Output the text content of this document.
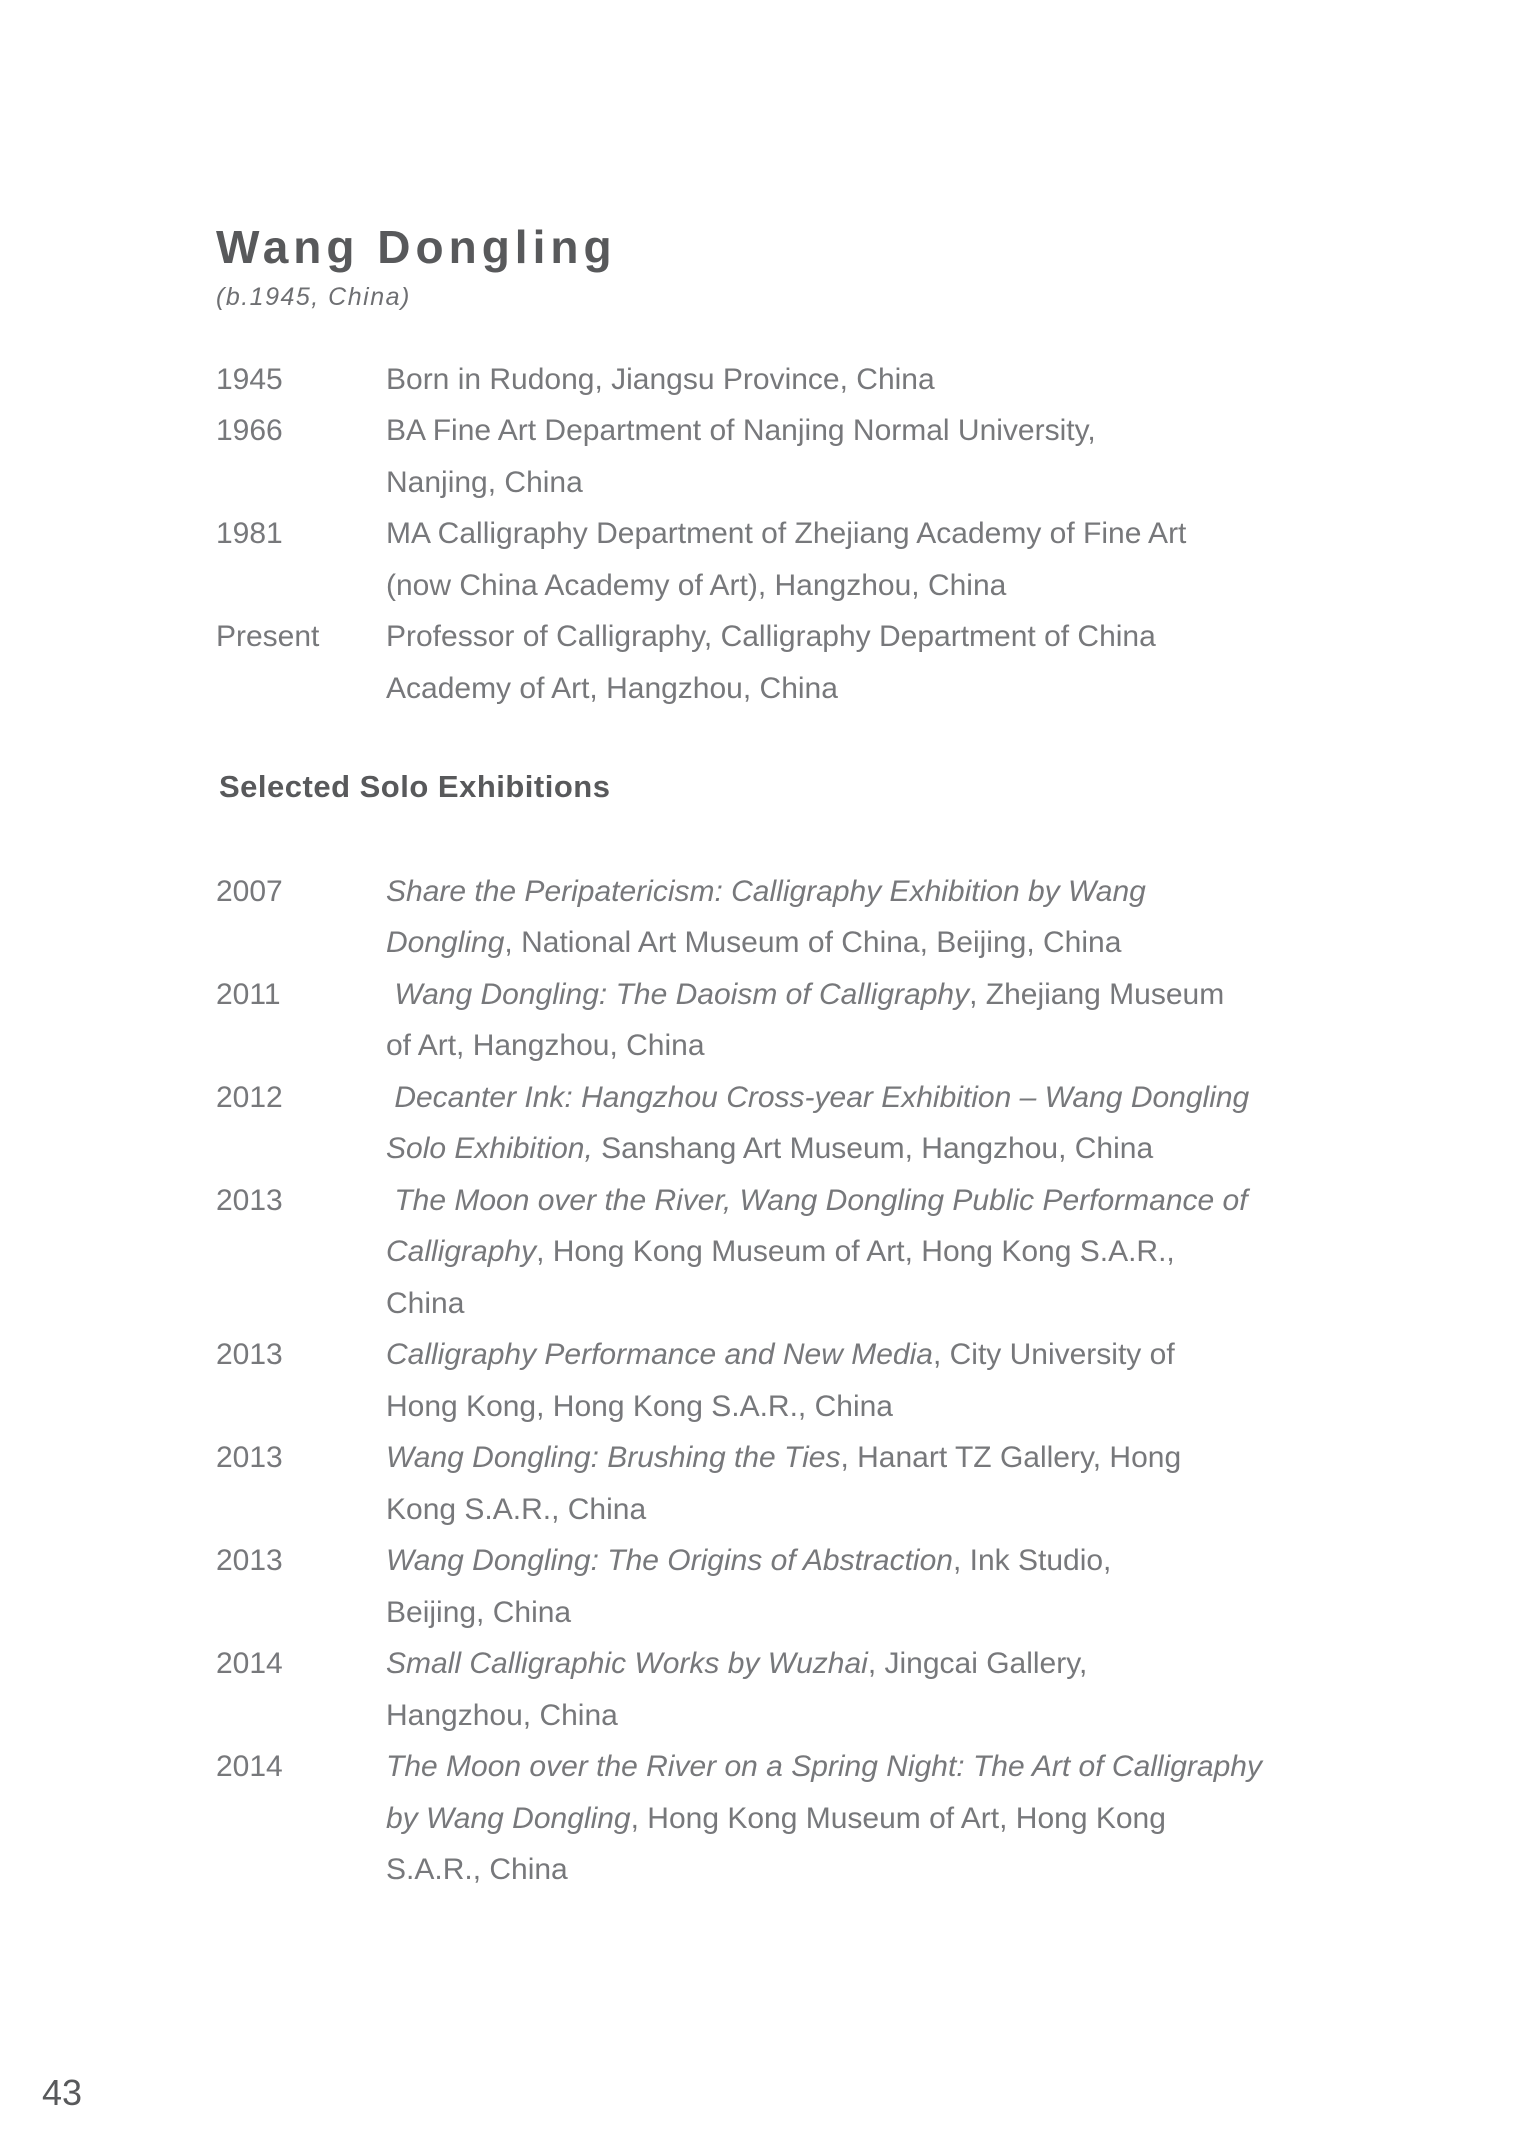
Wang Dongling
(b.1945, China)
1945	Born in Rudong, Jiangsu Province, China
1966	BA Fine Art Department of Nanjing Normal University,
Nanjing, China
1981	MA Calligraphy Department of Zhejiang Academy of Fine Art
(now China Academy of Art), Hangzhou, China
Present	Professor of Calligraphy, Calligraphy Department of China
Academy of Art, Hangzhou, China
Selected Solo Exhibitions
2007	Share the Peripatericism: Calligraphy Exhibition by Wang
Dongling, National Art Museum of China, Beijing, China
2011	Wang Dongling: The Daoism of Calligraphy, Zhejiang Museum
of Art, Hangzhou, China
2012	Decanter Ink: Hangzhou Cross-year Exhibition – Wang Dongling
Solo Exhibition, Sanshang Art Museum, Hangzhou, China
2013	The Moon over the River, Wang Dongling Public Performance of
Calligraphy, Hong Kong Museum of Art, Hong Kong S.A.R.,
China
2013	Calligraphy Performance and New Media, City University of
Hong Kong, Hong Kong S.A.R., China
2013	Wang Dongling: Brushing the Ties, Hanart TZ Gallery, Hong
Kong S.A.R., China
2013	Wang Dongling: The Origins of Abstraction, Ink Studio,
Beijing, China
2014	Small Calligraphic Works by Wuzhai, Jingcai Gallery,
Hangzhou, China
2014	The Moon over the River on a Spring Night: The Art of Calligraphy
by Wang Dongling, Hong Kong Museum of Art, Hong Kong
S.A.R., China
43
